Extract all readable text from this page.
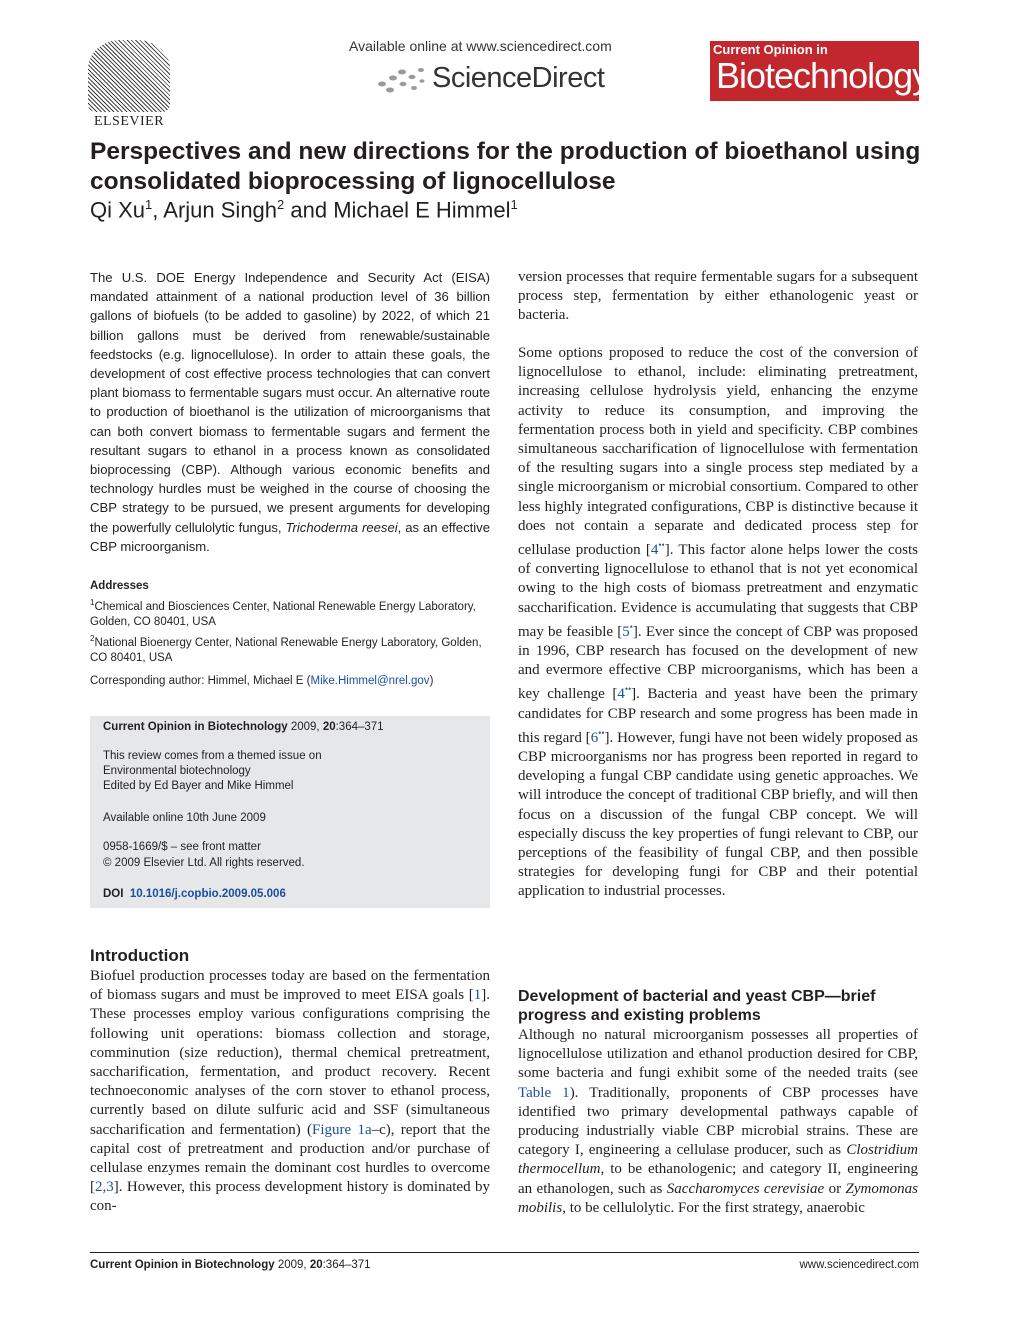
ELSEVIER
Available online at www.sciencedirect.com
ScienceDirect
Current Opinion in
Biotechnology
Perspectives and new directions for the production of bioethanol using consolidated bioprocessing of lignocellulose
Qi Xu$^1$, Arjun Singh$^2$ and Michael E Himmel$^1$
The U.S. DOE Energy Independence and Security Act (EISA) mandated attainment of a national production level of 36 billion gallons of biofuels (to be added to gasoline) by 2022, of which 21 billion gallons must be derived from renewable/sustainable feedstocks (e.g. lignocellulose). In order to attain these goals, the development of cost effective process technologies that can convert plant biomass to fermentable sugars must occur. An alternative route to production of bioethanol is the utilization of microorganisms that can both convert biomass to fermentable sugars and ferment the resultant sugars to ethanol in a process known as consolidated bioprocessing (CBP). Although various economic benefits and technology hurdles must be weighed in the course of choosing the CBP strategy to be pursued, we present arguments for developing the powerfully cellulolytic fungus, Trichoderma reesei, as an effective CBP microorganism.
Addresses
$^1$Chemical and Biosciences Center, National Renewable Energy Laboratory, Golden, CO 80401, USA
$^2$National Bioenergy Center, National Renewable Energy Laboratory, Golden, CO 80401, USA
Corresponding author: Himmel, Michael E (Mike.Himmel@nrel.gov)
Current Opinion in Biotechnology 2009, 20:364–371
This review comes from a themed issue on
Environmental biotechnology
Edited by Ed Bayer and Mike Himmel
Available online 10th June 2009
0958-1669/$ – see front matter
© 2009 Elsevier Ltd. All rights reserved.
DOI 10.1016/j.copbio.2009.05.006
Introduction
Biofuel production processes today are based on the fermentation of biomass sugars and must be improved to meet EISA goals [1]. These processes employ various configurations comprising the following unit operations: biomass collection and storage, comminution (size reduction), thermal chemical pretreatment, saccharification, fermentation, and product recovery. Recent technoeconomic analyses of the corn stover to ethanol process, currently based on dilute sulfuric acid and SSF (simultaneous saccharification and fermentation) (Figure 1a–c), report that the capital cost of pretreatment and production and/or purchase of cellulase enzymes remain the dominant cost hurdles to overcome [2,3]. However, this process development history is dominated by con-
version processes that require fermentable sugars for a subsequent process step, fermentation by either ethanologenic yeast or bacteria.
Some options proposed to reduce the cost of the conversion of lignocellulose to ethanol, include: eliminating pretreatment, increasing cellulose hydrolysis yield, enhancing the enzyme activity to reduce its consumption, and improving the fermentation process both in yield and specificity. CBP combines simultaneous saccharification of lignocellulose with fermentation of the resulting sugars into a single process step mediated by a single microorganism or microbial consortium. Compared to other less highly integrated configurations, CBP is distinctive because it does not contain a separate and dedicated process step for cellulase production [4••]. This factor alone helps lower the costs of converting lignocellulose to ethanol that is not yet economical owing to the high costs of biomass pretreatment and enzymatic saccharification. Evidence is accumulating that suggests that CBP may be feasible [5•]. Ever since the concept of CBP was proposed in 1996, CBP research has focused on the development of new and evermore effective CBP microorganisms, which has been a key challenge [4••]. Bacteria and yeast have been the primary candidates for CBP research and some progress has been made in this regard [6••]. However, fungi have not been widely proposed as CBP microorganisms nor has progress been reported in regard to developing a fungal CBP candidate using genetic approaches. We will introduce the concept of traditional CBP briefly, and will then focus on a discussion of the fungal CBP concept. We will especially discuss the key properties of fungi relevant to CBP, our perceptions of the feasibility of fungal CBP, and then possible strategies for developing fungi for CBP and their potential application to industrial processes.
Development of bacterial and yeast CBP—brief progress and existing problems
Although no natural microorganism possesses all properties of lignocellulose utilization and ethanol production desired for CBP, some bacteria and fungi exhibit some of the needed traits (see Table 1). Traditionally, proponents of CBP processes have identified two primary developmental pathways capable of producing industrially viable CBP microbial strains. These are category I, engineering a cellulase producer, such as Clostridium thermocellum, to be ethanologenic; and category II, engineering an ethanologen, such as Saccharomyces cerevisiae or Zymomonas mobilis, to be cellulolytic. For the first strategy, anaerobic
Current Opinion in Biotechnology 2009, 20:364–371	www.sciencedirect.com
